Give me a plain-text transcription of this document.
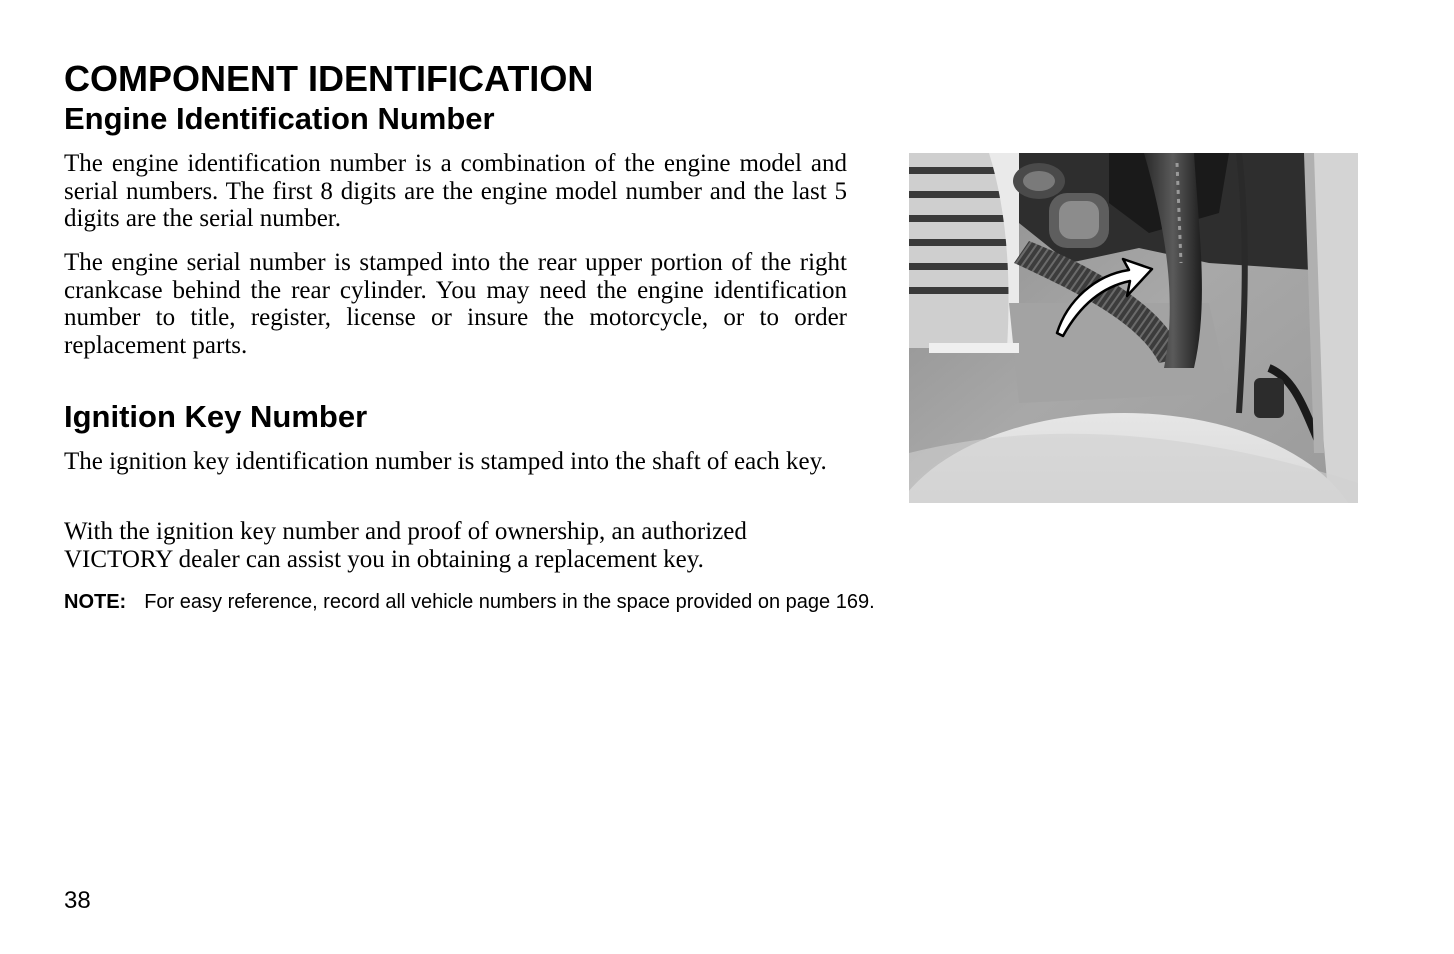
COMPONENT IDENTIFICATION
Engine Identification Number

The engine identification number is a combination of the engine model and serial numbers. The first 8 digits are the engine model number and the last 5 digits are the serial number.

The engine serial number is stamped into the rear upper portion of the right crankcase behind the rear cylinder. You may need the engine identification number to title, register, license or insure the motorcycle, or to order replacement parts.

Ignition Key Number

The ignition key identification number is stamped into the shaft of each key.

With the ignition key number and proof of ownership, an authorized VICTORY dealer can assist you in obtaining a replacement key.

NOTE: For easy reference, record all vehicle numbers in the space provided on page 169.

38
